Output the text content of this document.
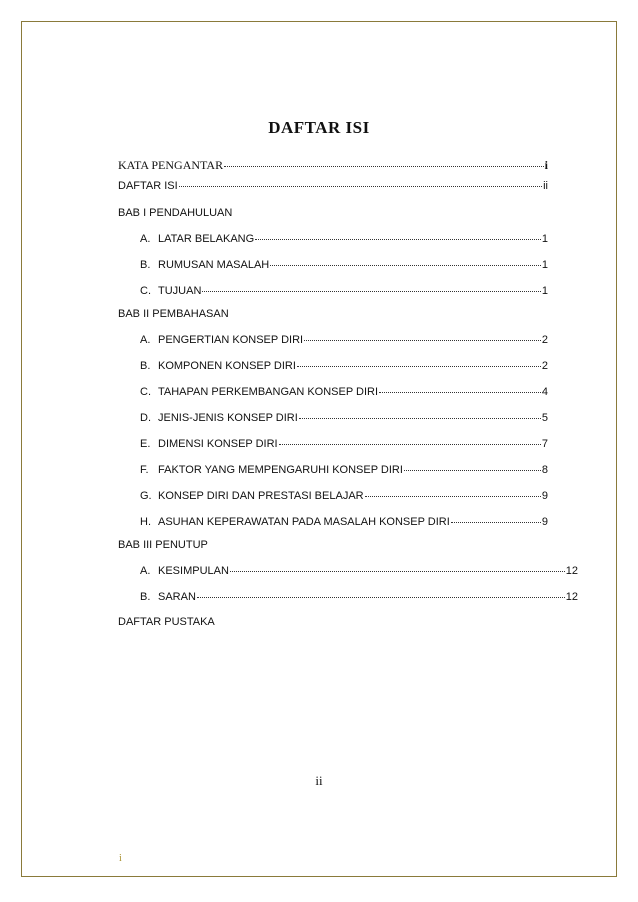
DAFTAR ISI
KATA PENGANTAR	i
DAFTAR ISI	ii
BAB I PENDAHULUAN
A. LATAR BELAKANG	1
B. RUMUSAN MASALAH	1
C. TUJUAN	1
BAB II PEMBAHASAN
A. PENGERTIAN KONSEP DIRI	2
B. KOMPONEN KONSEP DIRI	2
C. TAHAPAN PERKEMBANGAN KONSEP DIRI	4
D. JENIS-JENIS KONSEP DIRI	5
E. DIMENSI KONSEP DIRI	7
F. FAKTOR YANG MEMPENGARUHI KONSEP DIRI	8
G. KONSEP DIRI DAN PRESTASI BELAJAR	9
H. ASUHAN KEPERAWATAN PADA MASALAH KONSEP DIRI	9
BAB III PENUTUP
A. KESIMPULAN	12
B. SARAN	12
DAFTAR PUSTAKA
ii
i
